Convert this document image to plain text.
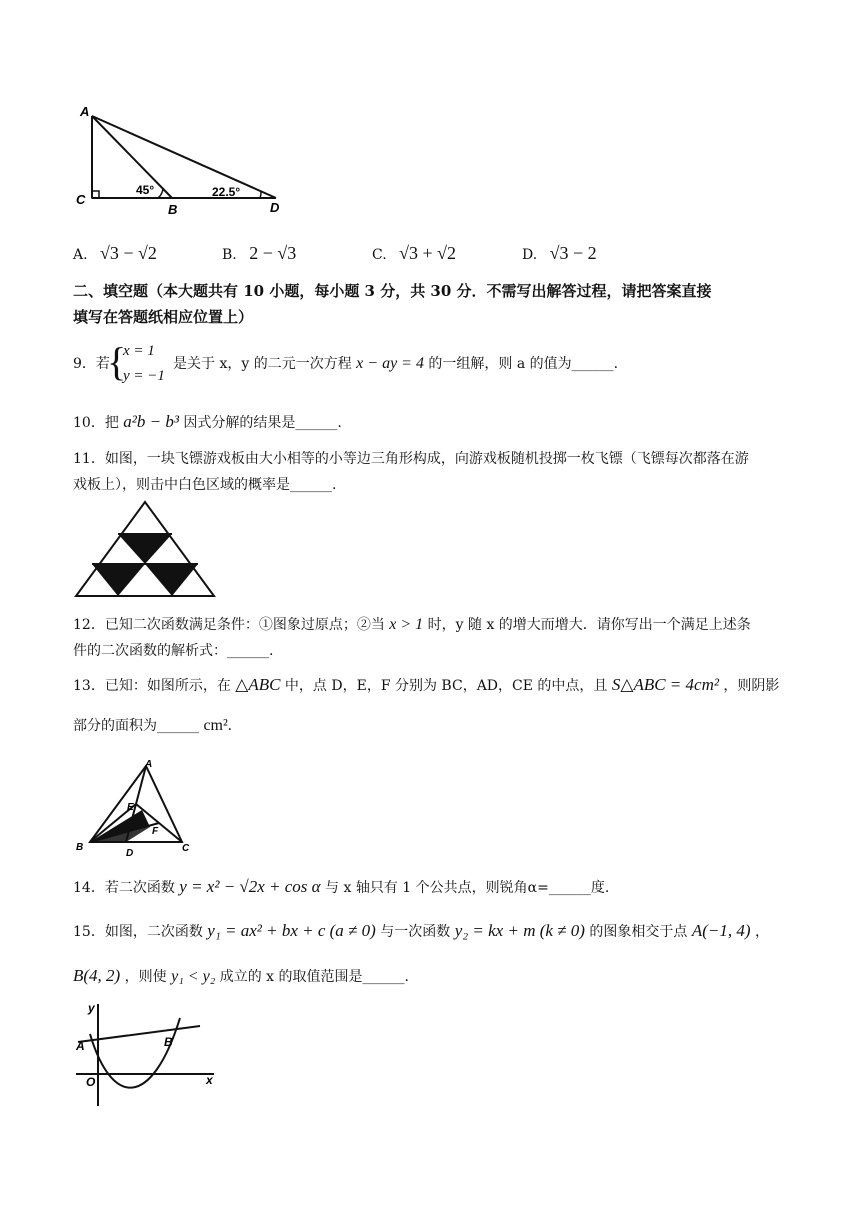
A
C
B	D
45°	22.5°
A. √3 − √2	B. 2 − √3	C. √3 + √2	D. √3 − 2
二、填空题（本大题共有 10 小题，每小题 3 分，共 30 分．不需写出解答过程，请把答案直接
填写在答题纸相应位置上）
9．若
{
x = 1
y = −1
是关于 x，y 的二元一次方程 x − ay = 4 的一组解，则 a 的值为______.
10．把 a²b − b³ 因式分解的结果是______.
11．如图，一块飞镖游戏板由大小相等的小等边三角形构成，向游戏板随机投掷一枚飞镖（飞镖每次都落在游
戏板上），则击中白色区域的概率是______.
12．已知二次函数满足条件：①图象过原点；②当 x > 1 时，y 随 x 的增大而增大．请你写出一个满足上述条
件的二次函数的解析式：______.
13．已知：如图所示，在 △ABC 中，点 D，E，F 分别为 BC，AD，CE 的中点，且 S△ABC = 4cm² ，则阴影
部分的面积为______ cm².
A
B	C
D
E
F
14．若二次函数 y = x² − √2x + cos α 与 x 轴只有 1 个公共点，则锐角α=______度.
15．如图，二次函数 y₁ = ax² + bx + c (a ≠ 0) 与一次函数 y₂ = kx + m (k ≠ 0) 的图象相交于点 A(−1, 4) ，
B(4, 2) ，则使 y₁ < y₂ 成立的 x 的取值范围是______.
y
x
A	B
O
